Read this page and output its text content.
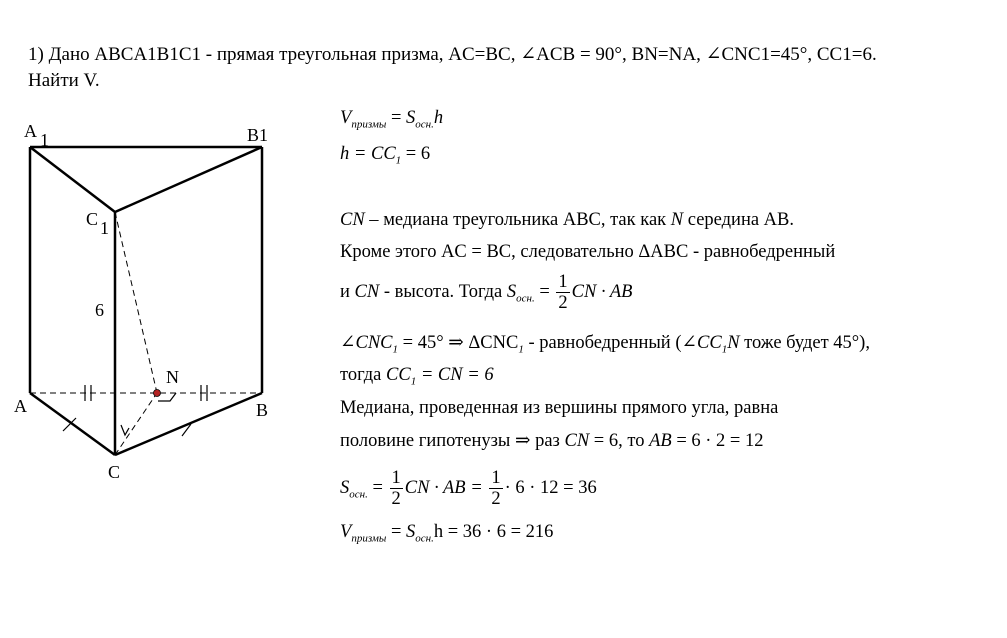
1) Дано ABCA1B1C1 - прямая треугольная призма, AC=BC, ∠ACB = 90°, BN=NA, ∠CNC1=45°, CC1=6.
Найти V.
A 1	B1
C 1
6
N
A	B
C
$V_{призмы} = S_{осн.}h$
$h = CC_1 = 6$
CN – медиана треугольника ABC, так как N середина AB.
Кроме этого AC = BC, следовательно ΔABC - равнобедренный
и CN - высота. Тогда $S_{осн.} = \frac{1}{2}$ CN · AB
$\angle CNC_1 = 45^\circ$ ⇒ $\Delta CNC_1$ - равнобедренный ($\angle CC_1N$ тоже будет 45°),
тогда $CC_1$ = CN = 6
Медиана, проведенная из вершины прямого угла, равна
половине гипотенузы ⇒ раз CN = 6, то AB = 6 · 2 = 12
$S_{осн.} = \frac{1}{2}$ CN · AB = $\frac{1}{2} \cdot 6 \cdot 12 = 36$
$V_{призмы} = S_{осн.}h = 36 \cdot 6 = 216$
